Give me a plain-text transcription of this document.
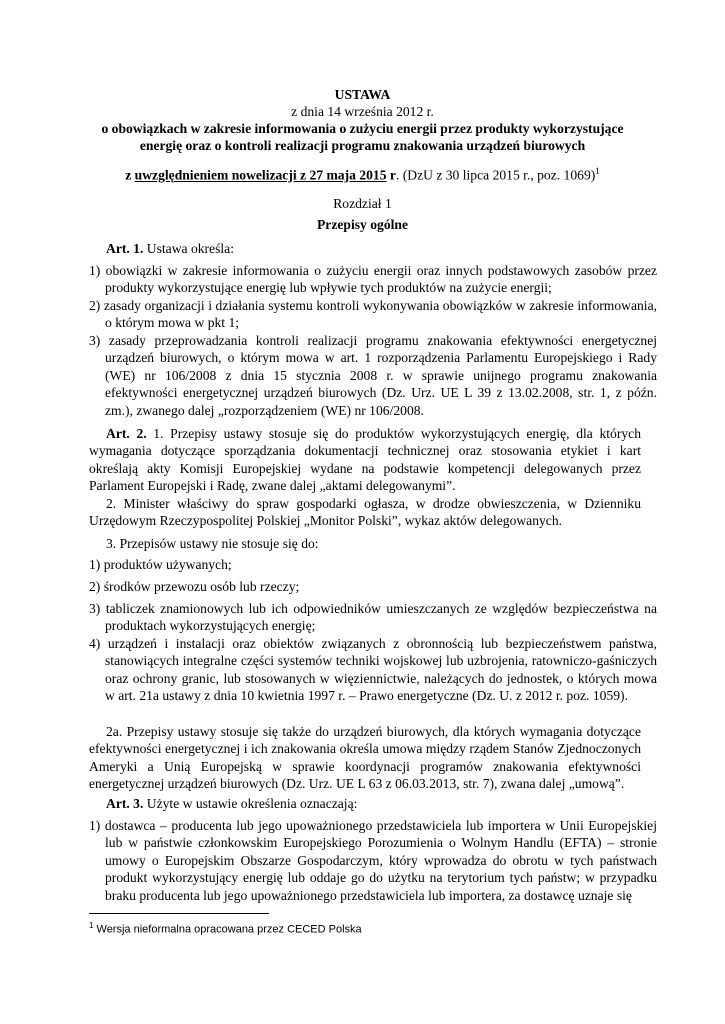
USTAWA
z dnia 14 września 2012 r.
o obowiązkach w zakresie informowania o zużyciu energii przez produkty wykorzystujące
energię oraz o kontroli realizacji programu znakowania urządzeń biurowych
z uwzględnieniem nowelizacji z 27 maja 2015 r. (DzU z 30 lipca 2015 r., poz. 1069)$^1$
Rozdział 1
Przepisy ogólne
Art. 1. Ustawa określa:
1) obowiązki w zakresie informowania o zużyciu energii oraz innych podstawowych zasobów przez produkty wykorzystujące energię lub wpływie tych produktów na zużycie energii;
2) zasady organizacji i działania systemu kontroli wykonywania obowiązków w zakresie informowania, o którym mowa w pkt 1;
3) zasady przeprowadzania kontroli realizacji programu znakowania efektywności energetycznej urządzeń biurowych, o którym mowa w art. 1 rozporządzenia Parlamentu Europejskiego i Rady (WE) nr 106/2008 z dnia 15 stycznia 2008 r. w sprawie unijnego programu znakowania efektywności energetycznej urządzeń biurowych (Dz. Urz. UE L 39 z 13.02.2008, str. 1, z późn. zm.), zwanego dalej „rozporządzeniem (WE) nr 106/2008.
Art. 2. 1. Przepisy ustawy stosuje się do produktów wykorzystujących energię, dla których wymagania dotyczące sporządzania dokumentacji technicznej oraz stosowania etykiet i kart określają akty Komisji Europejskiej wydane na podstawie kompetencji delegowanych przez Parlament Europejski i Radę, zwane dalej „aktami delegowanymi”.
2. Minister właściwy do spraw gospodarki ogłasza, w drodze obwieszczenia, w Dzienniku Urzędowym Rzeczypospolitej Polskiej „Monitor Polski”, wykaz aktów delegowanych.
3. Przepisów ustawy nie stosuje się do:
1) produktów używanych;
2) środków przewozu osób lub rzeczy;
3) tabliczek znamionowych lub ich odpowiedników umieszczanych ze względów bezpieczeństwa na produktach wykorzystujących energię;
4) urządzeń i instalacji oraz obiektów związanych z obronnością lub bezpieczeństwem państwa, stanowiących integralne części systemów techniki wojskowej lub uzbrojenia, ratowniczo-gaśniczych oraz ochrony granic, lub stosowanych w więziennictwie, należących do jednostek, o których mowa w art. 21a ustawy z dnia 10 kwietnia 1997 r. – Prawo energetyczne (Dz. U. z 2012 r. poz. 1059).
2a. Przepisy ustawy stosuje się także do urządzeń biurowych, dla których wymagania dotyczące efektywności energetycznej i ich znakowania określa umowa między rządem Stanów Zjednoczonych Ameryki a Unią Europejską w sprawie koordynacji programów znakowania efektywności energetycznej urządzeń biurowych (Dz. Urz. UE L 63 z 06.03.2013, str. 7), zwana dalej „umową”.
Art. 3. Użyte w ustawie określenia oznaczają:
1) dostawca – producenta lub jego upoważnionego przedstawiciela lub importera w Unii Europejskiej lub w państwie członkowskim Europejskiego Porozumienia o Wolnym Handlu (EFTA) – stronie umowy o Europejskim Obszarze Gospodarczym, który wprowadza do obrotu w tych państwach produkt wykorzystujący energię lub oddaje go do użytku na terytorium tych państw; w przypadku braku producenta lub jego upoważnionego przedstawiciela lub importera, za dostawcę uznaje się
$^1$ Wersja nieformalna opracowana przez CECED Polska
